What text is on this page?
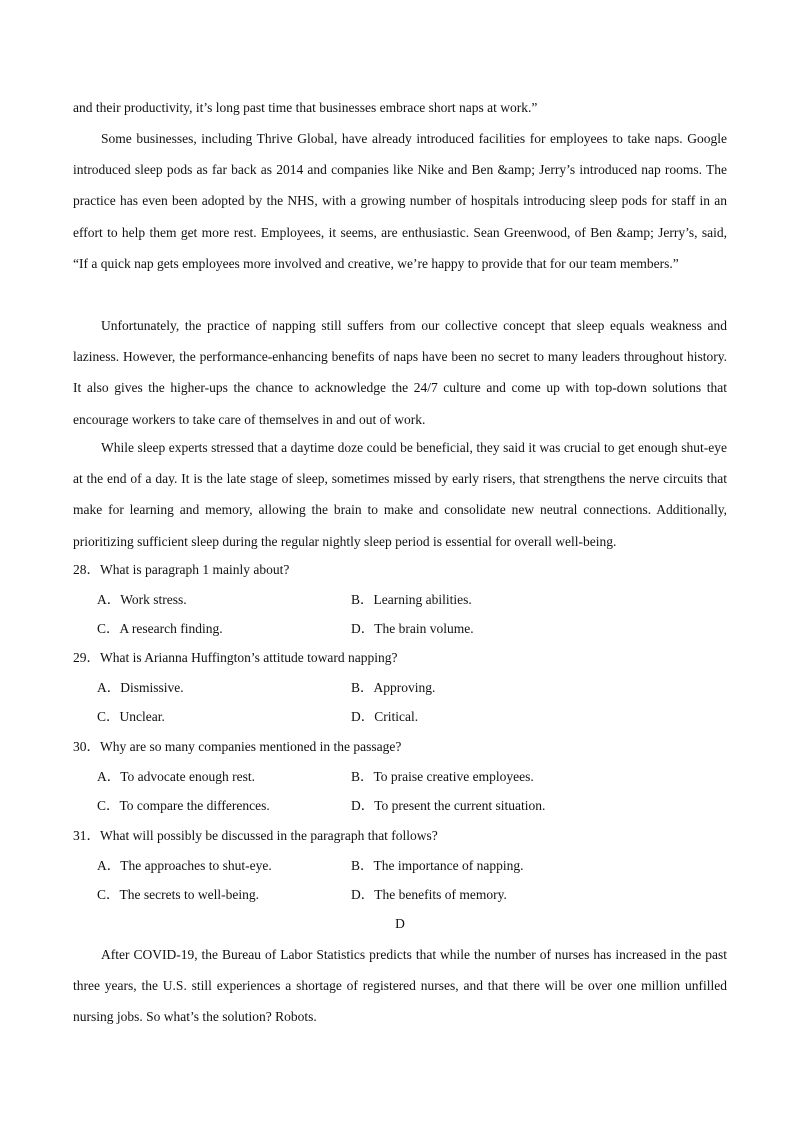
and their productivity, it’s long past time that businesses embrace short naps at work.”

Some businesses, including Thrive Global, have already introduced facilities for employees to take naps. Google introduced sleep pods as far back as 2014 and companies like Nike and Ben &amp; Jerry’s introduced nap rooms. The practice has even been adopted by the NHS, with a growing number of hospitals introducing sleep pods for staff in an effort to help them get more rest. Employees, it seems, are enthusiastic. Sean Greenwood, of Ben &amp; Jerry’s, said, “If a quick nap gets employees more involved and creative, we’re happy to provide that for our team members.”

Unfortunately, the practice of napping still suffers from our collective concept that sleep equals weakness and laziness. However, the performance-enhancing benefits of naps have been no secret to many leaders throughout history. It also gives the higher-ups the chance to acknowledge the 24/7 culture and come up with top-down solutions that encourage workers to take care of themselves in and out of work.

While sleep experts stressed that a daytime doze could be beneficial, they said it was crucial to get enough shut-eye at the end of a day. It is the late stage of sleep, sometimes missed by early risers, that strengthens the nerve circuits that make for learning and memory, allowing the brain to make and consolidate new neutral connections. Additionally, prioritizing sufficient sleep during the regular nightly sleep period is essential for overall well-being.

28．What is paragraph 1 mainly about?
A．Work stress.	B．Learning abilities.
C．A research finding.	D．The brain volume.
29．What is Arianna Huffington’s attitude toward napping?
A．Dismissive.	B．Approving.
C．Unclear.	D．Critical.
30．Why are so many companies mentioned in the passage?
A．To advocate enough rest.	B．To praise creative employees.
C．To compare the differences.	D．To present the current situation.
31．What will possibly be discussed in the paragraph that follows?
A．The approaches to shut-eye.	B．The importance of napping.
C．The secrets to well-being.	D．The benefits of memory.
D

After COVID-19, the Bureau of Labor Statistics predicts that while the number of nurses has increased in the past three years, the U.S. still experiences a shortage of registered nurses, and that there will be over one million unfilled nursing jobs. So what’s the solution? Robots.
